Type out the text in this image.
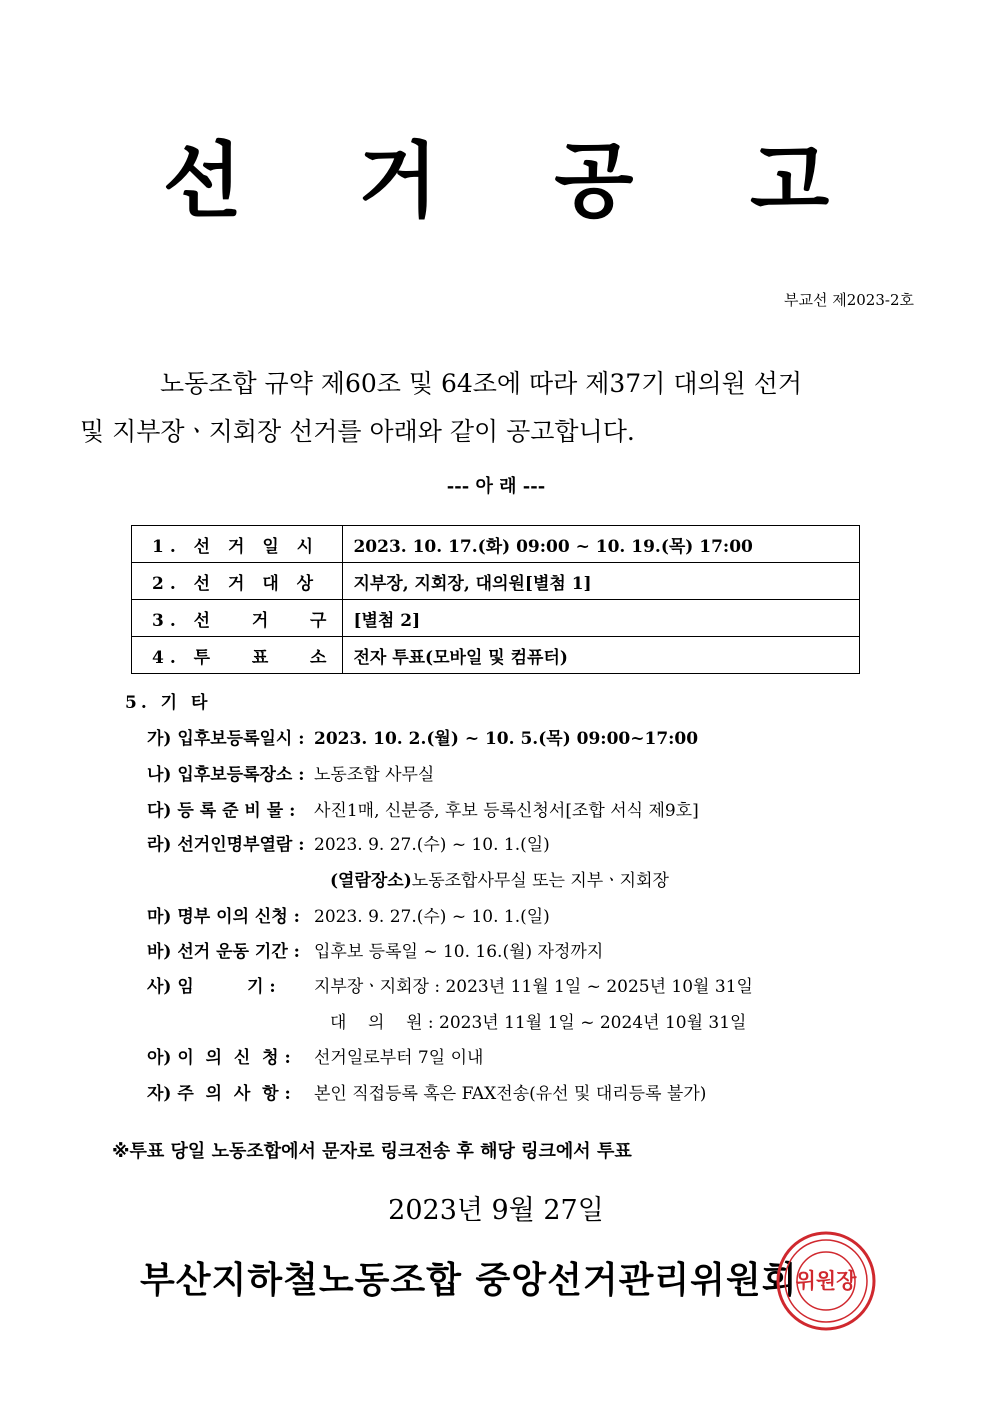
선 거 공 고
부교선 제2023-2호
노동조합 규약 제60조 및 64조에 따라 제37기 대의원 선거
및 지부장ㆍ지회장 선거를 아래와 같이 공고합니다.
--- 아 래 ---
1. 선 거 일 시	2023. 10. 17.(화) 09:00 ~ 10. 19.(목) 17:00
2. 선 거 대 상	지부장, 지회장, 대의원[별첨 1]
3. 선   거   구	[별첨 2]
4. 투   표   소	전자 투표(모바일 및 컴퓨터)
5. 기 타
가) 입후보등록일시 : 2023. 10. 2.(월) ~ 10. 5.(목) 09:00~17:00
나) 입후보등록장소 : 노동조합 사무실
다) 등 록 준 비 물 : 사진1매, 신분증, 후보 등록신청서[조합 서식 제9호]
라) 선거인명부열람 : 2023. 9. 27.(수) ~ 10. 1.(일)
(열람장소)노동조합사무실 또는 지부ㆍ지회장
마) 명부 이의 신청 : 2023. 9. 27.(수) ~ 10. 1.(일)
바) 선거 운동 기간 : 입후보 등록일 ~ 10. 16.(월) 자정까지
사) 임         기 : 지부장ㆍ지회장 : 2023년 11월 1일 ~ 2025년 10월 31일
대    의    원 : 2023년 11월 1일 ~ 2024년 10월 31일
아) 이  의  신  청 : 선거일로부터 7일 이내
자) 주  의  사  항 : 본인 직접등록 혹은 FAX전송(유선 및 대리등록 불가)
※투표 당일 노동조합에서 문자로 링크전송 후 해당 링크에서 투표
2023년 9월 27일
부산지하철노동조합 중앙선거관리위원회
위원장
